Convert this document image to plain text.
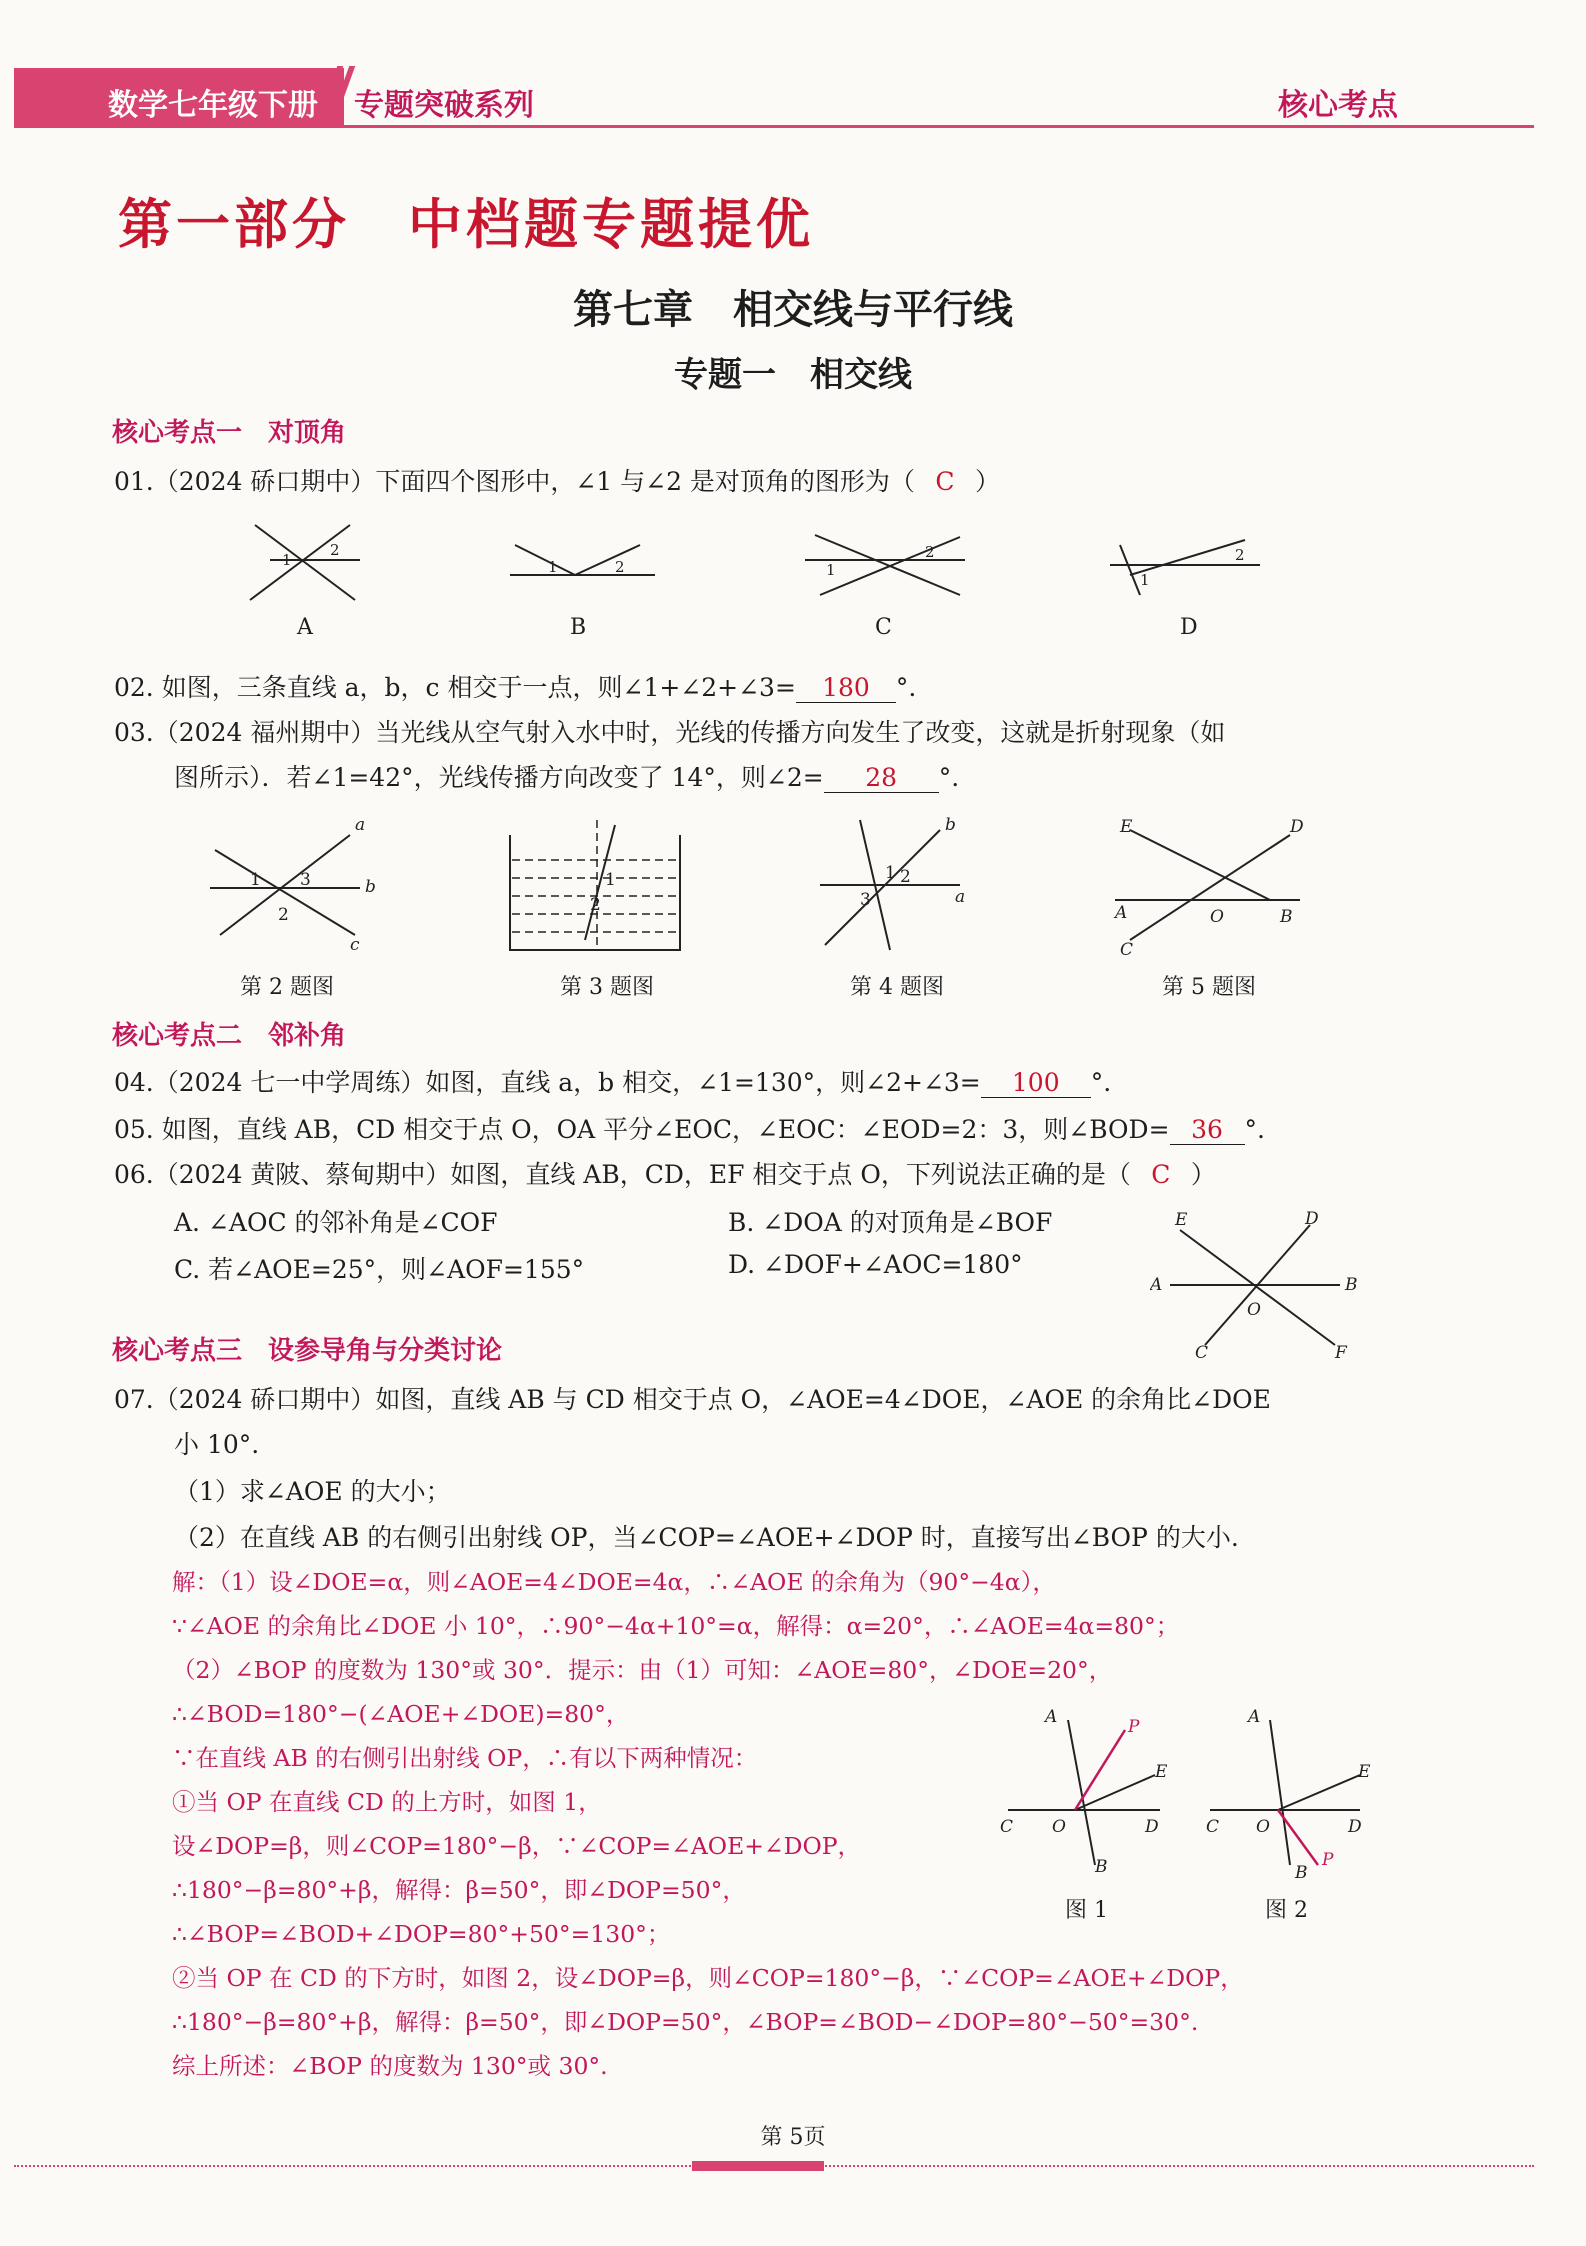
数学七年级下册 专题突破系列	核心考点
第一部分　中档题专题提优
第七章　相交线与平行线
专题一　相交线
核心考点一　对顶角
01.（2024 硚口期中）下面四个图形中，∠1 与∠2 是对顶角的图形为（ C ）
1
2
1	2	1
2
1
2
A	B	C	D
02. 如图，三条直线 a，b，c 相交于一点，则∠1+∠2+∠3= 180 °.
03.（2024 福州期中）当光线从空气射入水中时，光线的传播方向发生了改变，这就是折射现象（如
图所示）．若∠1=42°，光线传播方向改变了 14°，则∠2= 28 °.
a
b
c
1 3
2
1
2
b
a
1 2
3
E	D
A	O	B
C
第 2 题图	第 3 题图	第 4 题图	第 5 题图
核心考点二　邻补角
04.（2024 七一中学周练）如图，直线 a，b 相交，∠1=130°，则∠2+∠3= 100 °.
05. 如图，直线 AB，CD 相交于点 O，OA 平分∠EOC，∠EOC：∠EOD=2：3，则∠BOD= 36 °.
06.（2024 黄陂、蔡甸期中）如图，直线 AB，CD，EF 相交于点 O，下列说法正确的是（ C ）
A. ∠AOC 的邻补角是∠COF	B. ∠DOA 的对顶角是∠BOF
C. 若∠AOE=25°，则∠AOF=155°	D. ∠DOF+∠AOC=180°
E	D
A	B
O
C	F
核心考点三　设参导角与分类讨论
07.（2024 硚口期中）如图，直线 AB 与 CD 相交于点 O，∠AOE=4∠DOE，∠AOE 的余角比∠DOE
小 10°.
（1）求∠AOE 的大小；
（2）在直线 AB 的右侧引出射线 OP，当∠COP=∠AOE+∠DOP 时，直接写出∠BOP 的大小.
解：（1）设∠DOE=α，则∠AOE=4∠DOE=4α，∴∠AOE 的余角为（90°−4α），
∵∠AOE 的余角比∠DOE 小 10°，∴90°−4α+10°=α，解得：α=20°，∴∠AOE=4α=80°；
（2）∠BOP 的度数为 130°或 30°．提示：由（1）可知：∠AOE=80°，∠DOE=20°，
∴∠BOD=180°−(∠AOE+∠DOE)=80°，
∵在直线 AB 的右侧引出射线 OP，∴有以下两种情况：
①当 OP 在直线 CD 的上方时，如图 1，
设∠DOP=β，则∠COP=180°−β，∵∠COP=∠AOE+∠DOP，
∴180°−β=80°+β，解得：β=50°，即∠DOP=50°，
∴∠BOP=∠BOD+∠DOP=80°+50°=130°；
②当 OP 在 CD 的下方时，如图 2，设∠DOP=β，则∠COP=180°−β，∵∠COP=∠AOE+∠DOP，
∴180°−β=80°+β，解得：β=50°，即∠DOP=50°，∠BOP=∠BOD−∠DOP=80°−50°=30°.
综上所述：∠BOP 的度数为 130°或 30°.
A	P
E
C O	D
B
A
E
C O	D
B
P
图 1	图 2
第 5页
